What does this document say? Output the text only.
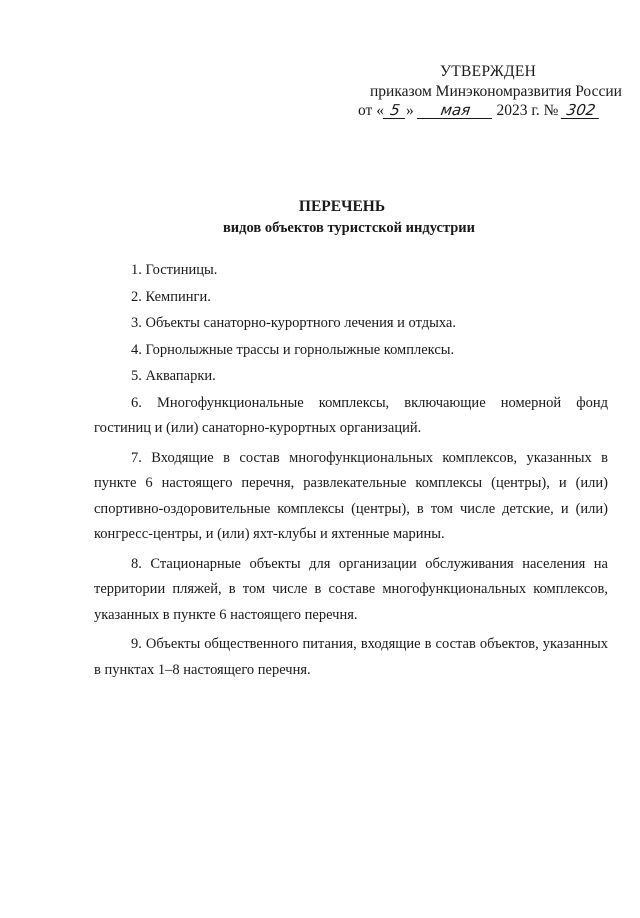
УТВЕРЖДЕН
приказом Минэкономразвития России
от « 5 » мая 2023 г. № 302
ПЕРЕЧЕНЬ
видов объектов туристской индустрии

1. Гостиницы.

2. Кемпинги.

3. Объекты санаторно-курортного лечения и отдыха.

4. Горнолыжные трассы и горнолыжные комплексы.

5. Аквапарки.

6. Многофункциональные комплексы, включающие номерной фонд гостиниц и (или) санаторно-курортных организаций.

7. Входящие в состав многофункциональных комплексов, указанных в пункте 6 настоящего перечня, развлекательные комплексы (центры), и (или) спортивно-оздоровительные комплексы (центры), в том числе детские, и (или) конгресс-центры, и (или) яхт-клубы и яхтенные марины.

8. Стационарные объекты для организации обслуживания населения на территории пляжей, в том числе в составе многофункциональных комплексов, указанных в пункте 6 настоящего перечня.

9. Объекты общественного питания, входящие в состав объектов, указанных в пунктах 1–8 настоящего перечня.
